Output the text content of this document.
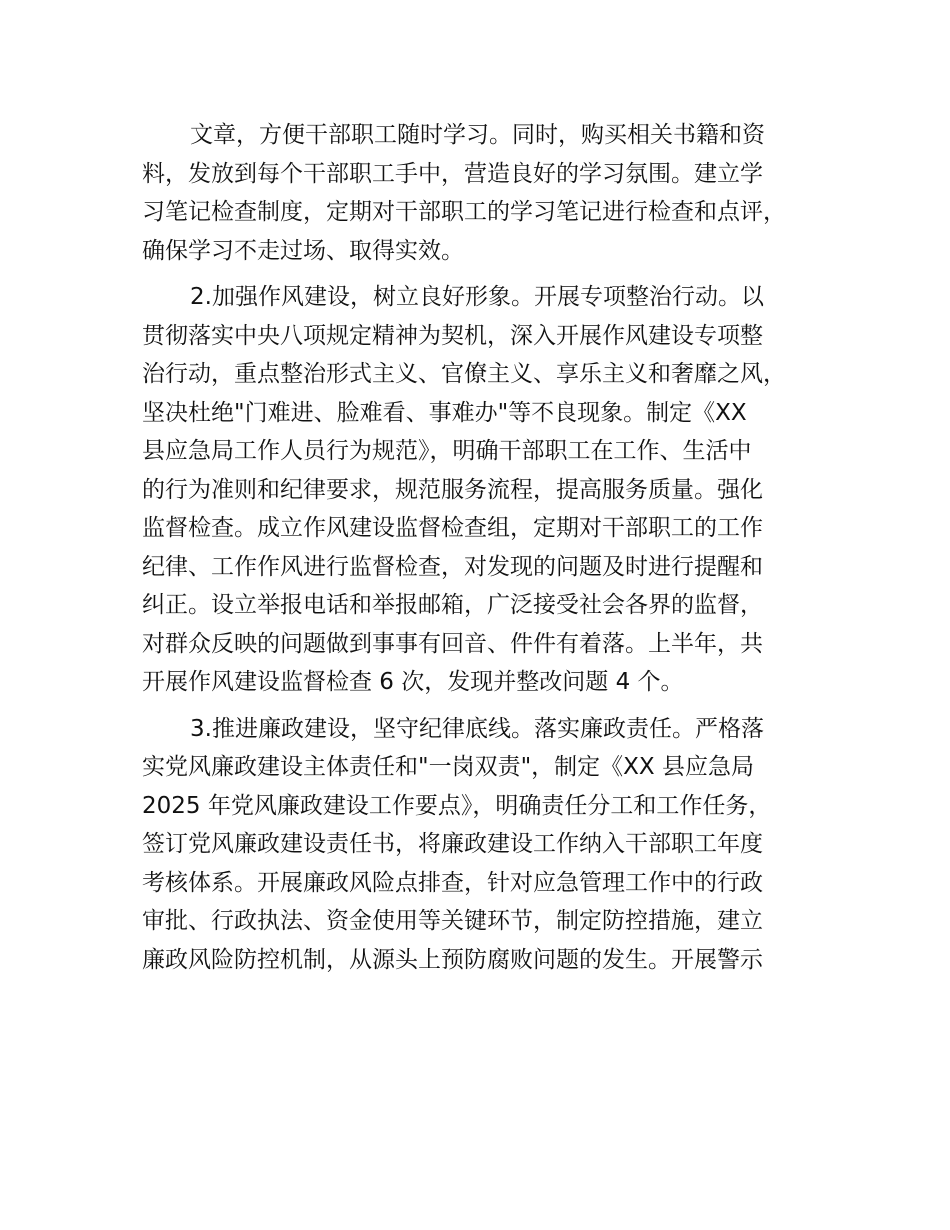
文章，方便干部职工随时学习。同时，购买相关书籍和资
料，发放到每个干部职工手中，营造良好的学习氛围。建立学
习笔记检查制度，定期对干部职工的学习笔记进行检查和点评，
确保学习不走过场、取得实效。
2.加强作风建设，树立良好形象。开展专项整治行动。以
贯彻落实中央八项规定精神为契机，深入开展作风建设专项整
治行动，重点整治形式主义、官僚主义、享乐主义和奢靡之风，
坚决杜绝"门难进、脸难看、事难办"等不良现象。制定《XX
县应急局工作人员行为规范》，明确干部职工在工作、生活中
的行为准则和纪律要求，规范服务流程，提高服务质量。强化
监督检查。成立作风建设监督检查组，定期对干部职工的工作
纪律、工作作风进行监督检查，对发现的问题及时进行提醒和
纠正。设立举报电话和举报邮箱，广泛接受社会各界的监督，
对群众反映的问题做到事事有回音、件件有着落。上半年，共
开展作风建设监督检查 6 次，发现并整改问题 4 个。
3.推进廉政建设，坚守纪律底线。落实廉政责任。严格落
实党风廉政建设主体责任和"一岗双责"，制定《XX 县应急局
2025 年党风廉政建设工作要点》，明确责任分工和工作任务，
签订党风廉政建设责任书，将廉政建设工作纳入干部职工年度
考核体系。开展廉政风险点排查，针对应急管理工作中的行政
审批、行政执法、资金使用等关键环节，制定防控措施，建立
廉政风险防控机制，从源头上预防腐败问题的发生。开展警示
